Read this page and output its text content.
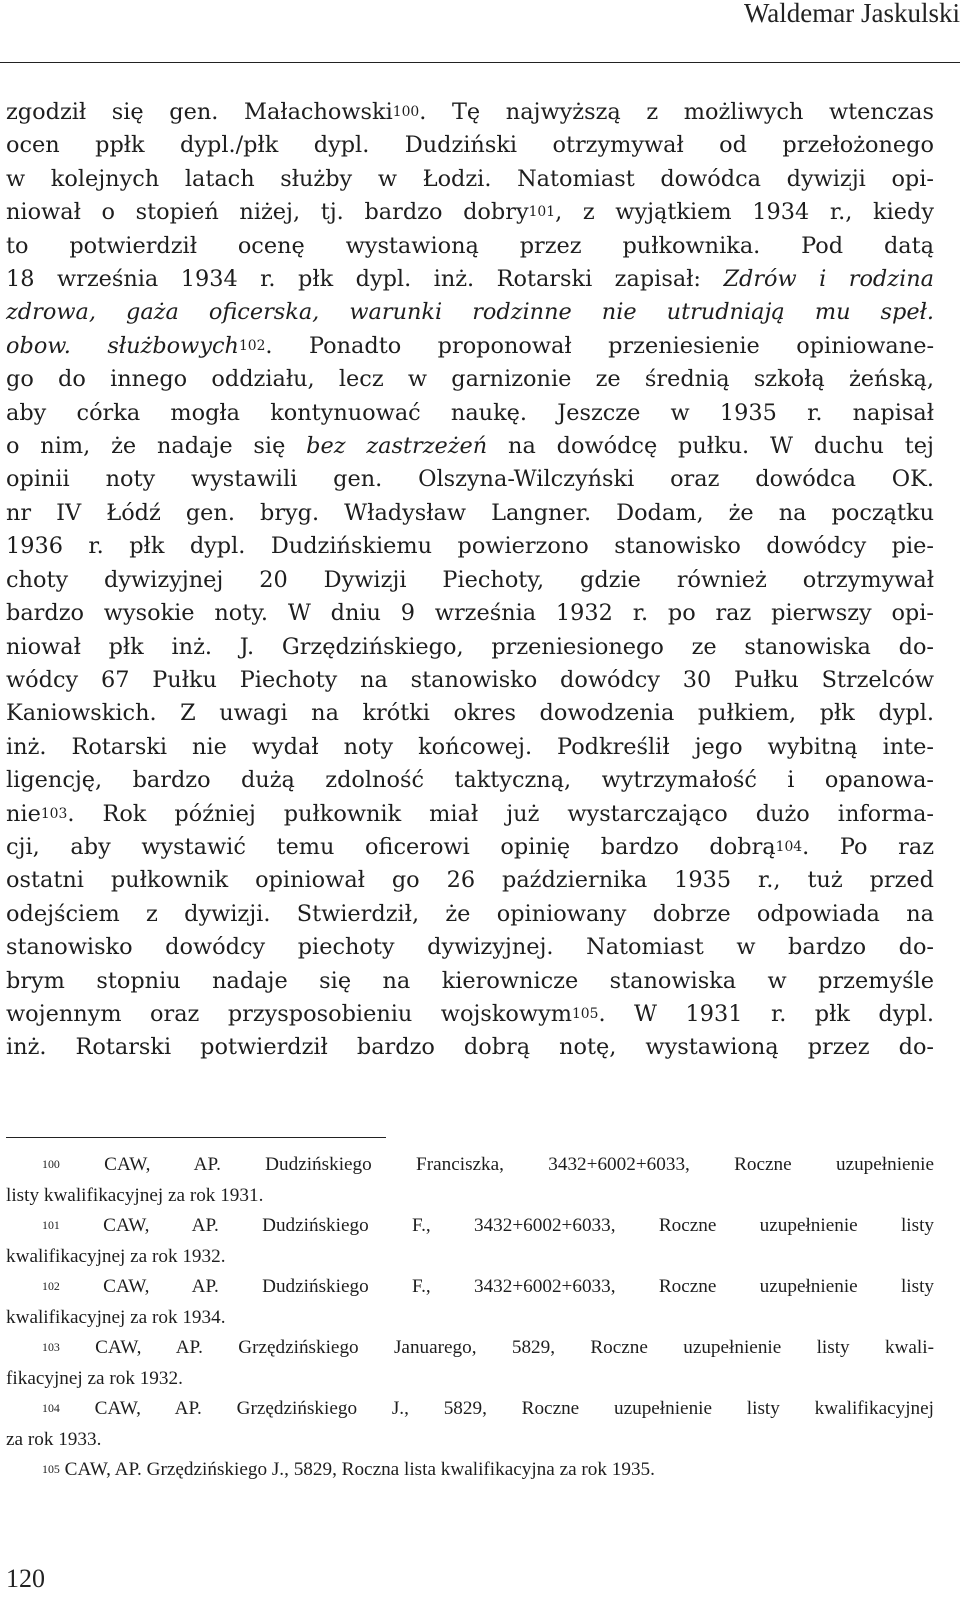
Waldemar Jaskulski
zgodził się gen. Małachowski$^{100}$. Tę najwyższą z możliwych wtenczas
ocen ppłk dypl./płk dypl. Dudziński otrzymywał od przełożonego
w kolejnych latach służby w Łodzi. Natomiast dowódca dywizji opi-
niował o stopień niżej, tj. bardzo dobry$^{101}$, z wyjątkiem 1934 r., kiedy
to potwierdził ocenę wystawioną przez pułkownika. Pod datą
18 września 1934 r. płk dypl. inż. Rotarski zapisał: Zdrów i rodzina
zdrowa, gaża oficerska, warunki rodzinne nie utrudniają mu speł.
obow. służbowych$^{102}$. Ponadto proponował przeniesienie opiniowane-
go do innego oddziału, lecz w garnizonie ze średnią szkołą żeńską,
aby córka mogła kontynuować naukę. Jeszcze w 1935 r. napisał
o nim, że nadaje się bez zastrzeżeń na dowódcę pułku. W duchu tej
opinii noty wystawili gen. Olszyna-Wilczyński oraz dowódca OK.
nr IV Łódź gen. bryg. Władysław Langner. Dodam, że na początku
1936 r. płk dypl. Dudzińskiemu powierzono stanowisko dowódcy pie-
choty dywizyjnej 20 Dywizji Piechoty, gdzie również otrzymywał
bardzo wysokie noty. W dniu 9 września 1932 r. po raz pierwszy opi-
niował płk inż. J. Grzędzińskiego, przeniesionego ze stanowiska do-
wódcy 67 Pułku Piechoty na stanowisko dowódcy 30 Pułku Strzelców
Kaniowskich. Z uwagi na krótki okres dowodzenia pułkiem, płk dypl.
inż. Rotarski nie wydał noty końcowej. Podkreślił jego wybitną inte-
ligencję, bardzo dużą zdolność taktyczną, wytrzymałość i opanowa-
nie$^{103}$. Rok później pułkownik miał już wystarczająco dużo informa-
cji, aby wystawić temu oficerowi opinię bardzo dobrą$^{104}$. Po raz
ostatni pułkownik opiniował go 26 października 1935 r., tuż przed
odejściem z dywizji. Stwierdził, że opiniowany dobrze odpowiada na
stanowisko dowódcy piechoty dywizyjnej. Natomiast w bardzo do-
brym stopniu nadaje się na kierownicze stanowiska w przemyśle
wojennym oraz przysposobieniu wojskowym$^{105}$. W 1931 r. płk dypl.
inż. Rotarski potwierdził bardzo dobrą notę, wystawioną przez do-
$^{100}$ CAW, AP. Dudzińskiego Franciszka, 3432+6002+6033, Roczne uzupełnienie
listy kwalifikacyjnej za rok 1931.
$^{101}$ CAW, AP. Dudzińskiego F., 3432+6002+6033, Roczne uzupełnienie listy
kwalifikacyjnej za rok 1932.
$^{102}$ CAW, AP. Dudzińskiego F., 3432+6002+6033, Roczne uzupełnienie listy
kwalifikacyjnej za rok 1934.
$^{103}$ CAW, AP. Grzędzińskiego Januarego, 5829, Roczne uzupełnienie listy kwali-
fikacyjnej za rok 1932.
$^{104}$ CAW, AP. Grzędzińskiego J., 5829, Roczne uzupełnienie listy kwalifikacyjnej
za rok 1933.
$^{105}$ CAW, AP. Grzędzińskiego J., 5829, Roczna lista kwalifikacyjna za rok 1935.
120
